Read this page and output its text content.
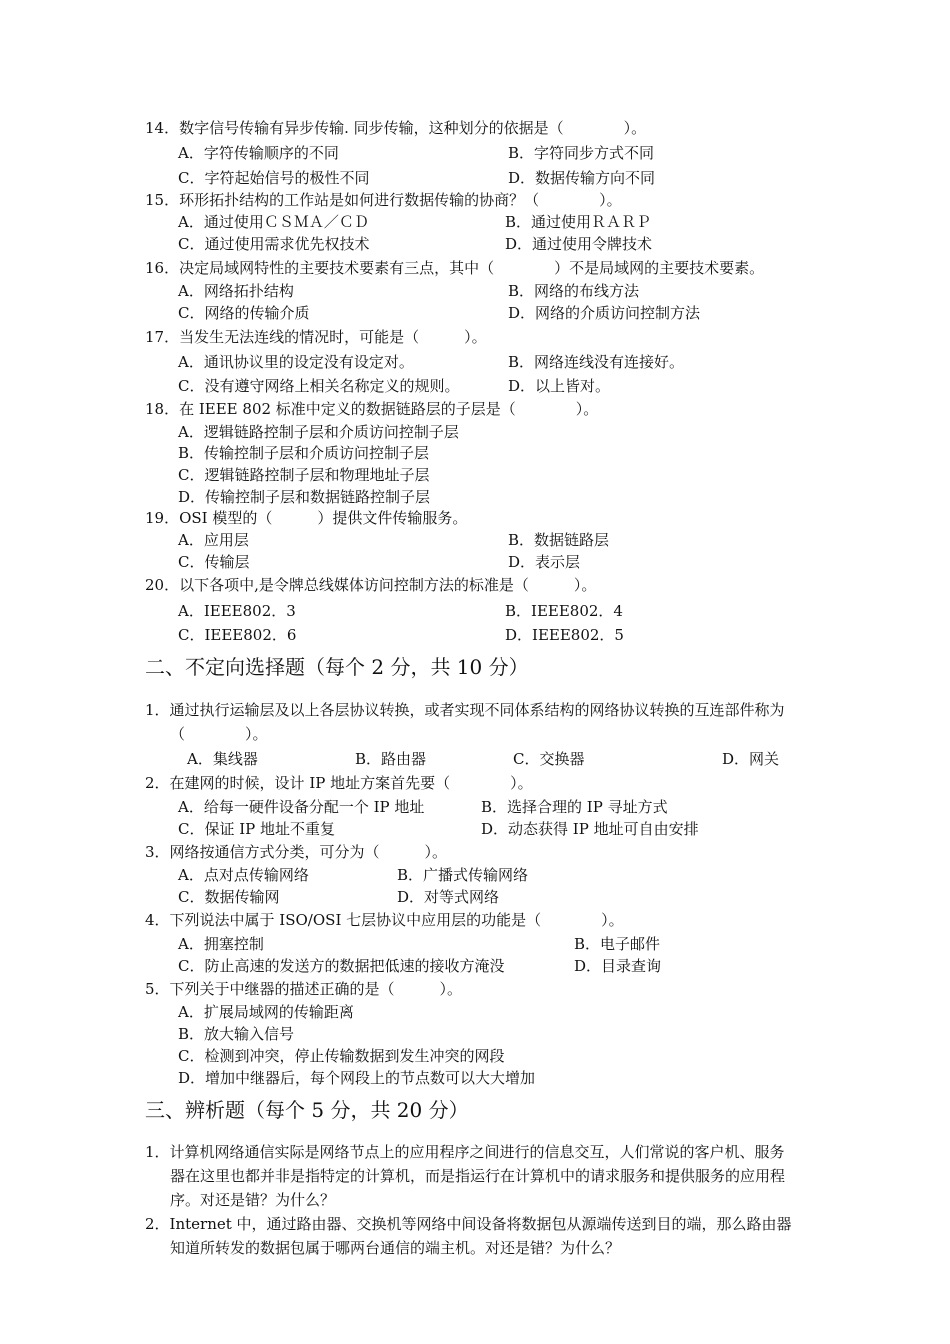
14．数字信号传输有异步传输. 同步传输，这种划分的依据是（　　　　）。
A．字符传输顺序的不同	B．字符同步方式不同
C．字符起始信号的极性不同	D．数据传输方向不同
15．环形拓扑结构的工作站是如何进行数据传输的协商？（　　　　）。
A．通过使用ＣＳＭＡ／ＣＤ	B．通过使用ＲＡＲＰ
C．通过使用需求优先权技术	D．通过使用令牌技术
16．决定局域网特性的主要技术要素有三点，其中（　　　　）不是局域网的主要技术要素。
A．网络拓扑结构	B．网络的布线方法
C．网络的传输介质	D．网络的介质访问控制方法
17．当发生无法连线的情况时，可能是（　　　）。
A．通讯协议里的设定没有设定对。	B．网络连线没有连接好。
C．没有遵守网络上相关名称定义的规则。	D．以上皆对。
18．在 IEEE 802 标准中定义的数据链路层的子层是（　　　　）。
A．逻辑链路控制子层和介质访问控制子层
B．传输控制子层和介质访问控制子层
C．逻辑链路控制子层和物理地址子层
D．传输控制子层和数据链路控制子层
19．OSI 模型的（　　　）提供文件传输服务。
A．应用层	B．数据链路层
C．传输层	D．表示层
20．以下各项中,是令牌总线媒体访问控制方法的标准是（　　　）。
A．IEEE802．3	B．IEEE802．4
C．IEEE802．6	D．IEEE802．5
二、不定向选择题（每个 2 分，共 10 分）
1．通过执行运输层及以上各层协议转换，或者实现不同体系结构的网络协议转换的互连部件称为
（　　　　）。
A．集线器	B．路由器	C．交换器	D．网关
2．在建网的时候，设计 IP 地址方案首先要（　　　　）。
A．给每一硬件设备分配一个 IP 地址	B．选择合理的 IP 寻址方式
C．保证 IP 地址不重复	D．动态获得 IP 地址可自由安排
3．网络按通信方式分类，可分为（　　　）。
A．点对点传输网络	B．广播式传输网络
C．数据传输网	D．对等式网络
4．下列说法中属于 ISO/OSI 七层协议中应用层的功能是（　　　　）。
A．拥塞控制	B．电子邮件
C．防止高速的发送方的数据把低速的接收方淹没	D．目录查询
5．下列关于中继器的描述正确的是（　　　）。
A．扩展局域网的传输距离
B．放大输入信号
C．检测到冲突，停止传输数据到发生冲突的网段
D．增加中继器后，每个网段上的节点数可以大大增加
三、辨析题（每个 5 分，共 20 分）
1．计算机网络通信实际是网络节点上的应用程序之间进行的信息交互，人们常说的客户机、服务
器在这里也都并非是指特定的计算机，而是指运行在计算机中的请求服务和提供服务的应用程
序。对还是错？为什么？
2．Internet 中，通过路由器、交换机等网络中间设备将数据包从源端传送到目的端，那么路由器
知道所转发的数据包属于哪两台通信的端主机。对还是错？为什么？
